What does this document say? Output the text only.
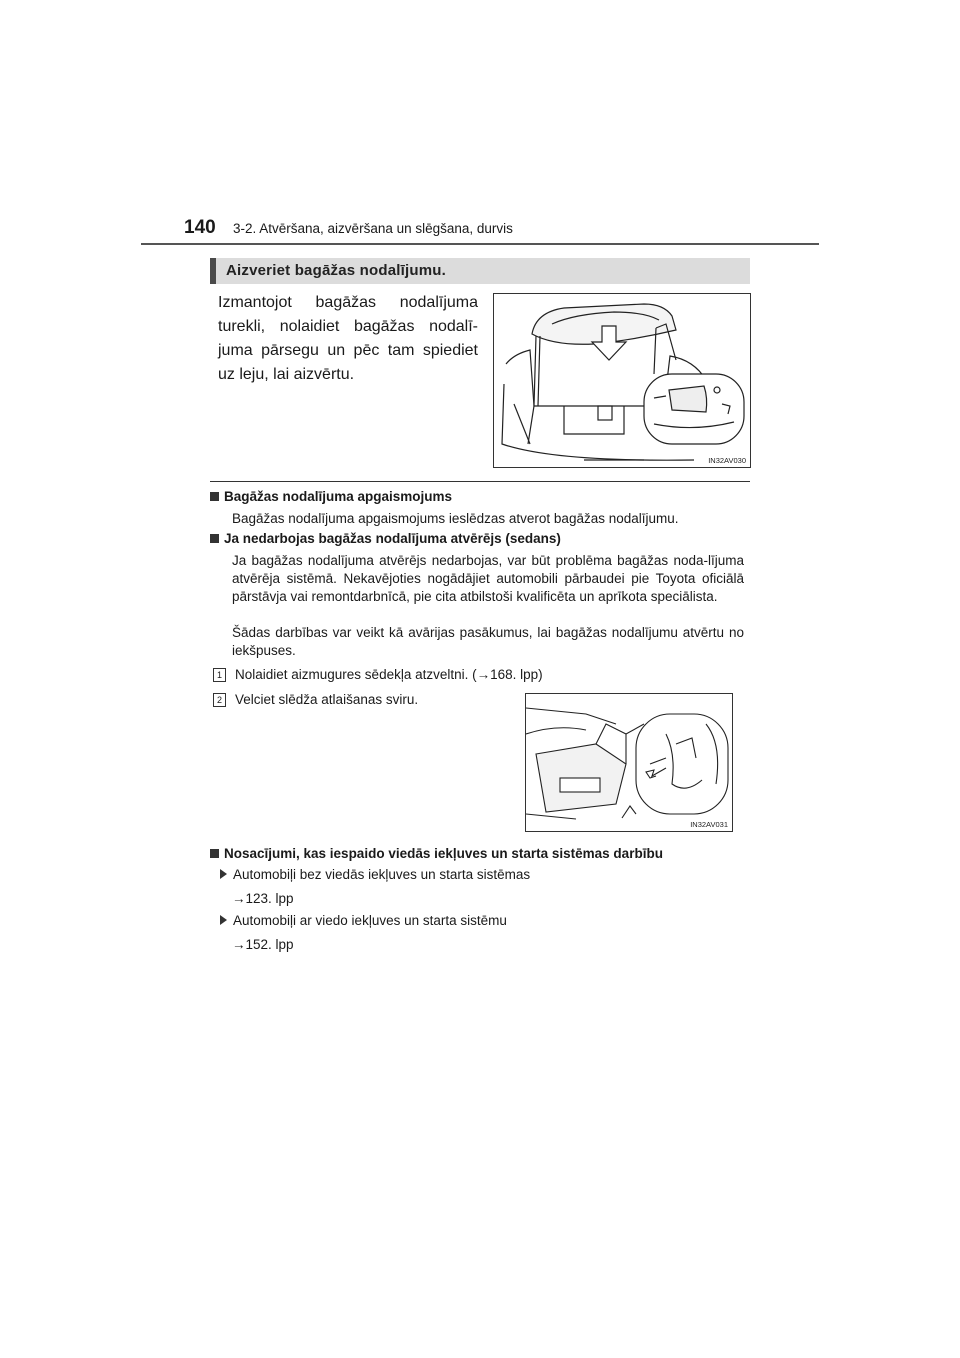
140 3-2. Atvēršana, aizvēršana un slēgšana, durvis
Aizveriet bagāžas nodalījumu.
Izmantojot bagāžas nodalījuma turekli, nolaidiet bagāžas nodalī-juma pārsegu un pēc tam spiediet uz leju, lai aizvērtu.
IN32AV030
Bagāžas nodalījuma apgaismojums
Bagāžas nodalījuma apgaismojums ieslēdzas atverot bagāžas nodalījumu.
Ja nedarbojas bagāžas nodalījuma atvērējs (sedans)
Ja bagāžas nodalījuma atvērējs nedarbojas, var būt problēma bagāžas noda-lījuma atvērēja sistēmā. Nekavējoties nogādājiet automobili pārbaudei pie Toyota oficiālā pārstāvja vai remontdarbnīcā, pie cita atbilstoši kvalificēta un aprīkota speciālista.
Šādas darbības var veikt kā avārijas pasākumus, lai bagāžas nodalījumu atvērtu no iekšpuses.
1 Nolaidiet aizmugures sēdekļa atzveltni. (→168. lpp)
2 Velciet slēdža atlaišanas sviru.
IN32AV031
Nosacījumi, kas iespaido viedās iekļuves un starta sistēmas darbību
Automobiļi bez viedās iekļuves un starta sistēmas
→123. lpp
Automobiļi ar viedo iekļuves un starta sistēmu
→152. lpp
